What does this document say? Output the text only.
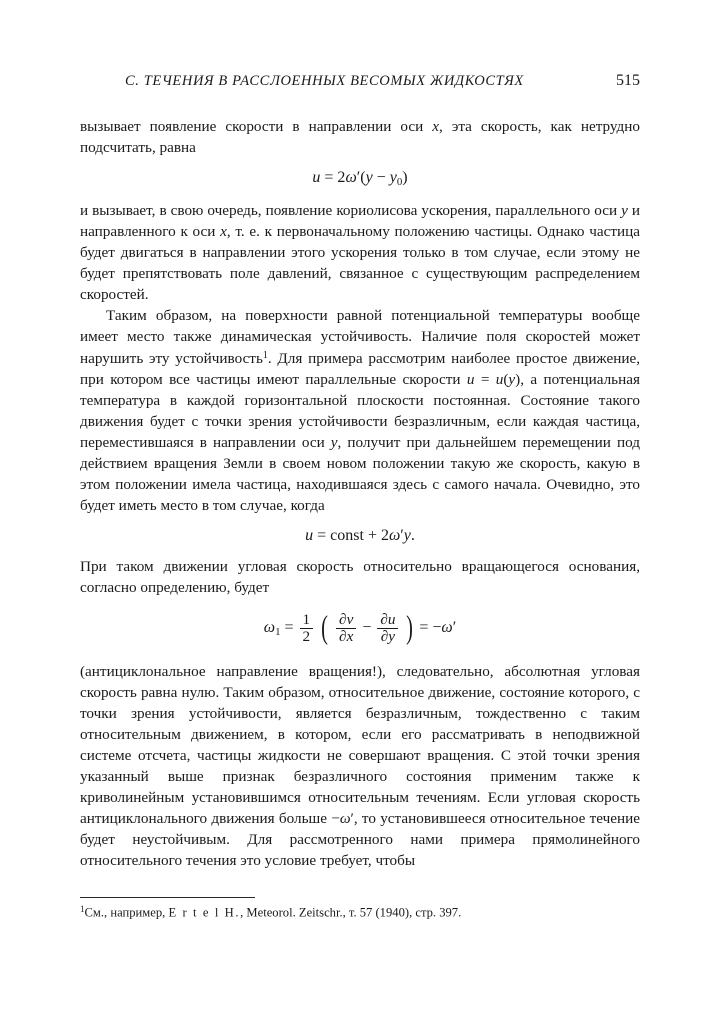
C. ТЕЧЕНИЯ В РАССЛОЕННЫХ ВЕСОМЫХ ЖИДКОСТЯХ	515

вызывает появление скорости в направлении оси x, эта скорость, как нетрудно подсчитать, равна

$u = 2\omega'(y - y_0)$

и вызывает, в свою очередь, появление кориолисова ускорения, параллельного оси y и направленного к оси x, т. е. к первоначальному положению частицы. Однако частица будет двигаться в направлении этого ускорения только в том случае, если этому не будет препятствовать поле давлений, связанное с существующим распределением скоростей.

Таким образом, на поверхности равной потенциальной температуры вообще имеет место также динамическая устойчивость. Наличие поля скоростей может нарушить эту устойчивость$^1$. Для примера рассмотрим наиболее простое движение, при котором все частицы имеют параллельные скорости u = u(y), а потенциальная температура в каждой горизонтальной плоскости постоянная. Состояние такого движения будет с точки зрения устойчивости безразличным, если каждая частица, переместившаяся в направлении оси y, получит при дальнейшем перемещении под действием вращения Земли в своем новом положении такую же скорость, какую в этом положении имела частица, находившаяся здесь с самого начала. Очевидно, это будет иметь место в том случае, когда

u = const + 2ω′y.

При таком движении угловая скорость относительно вращающегося основания, согласно определению, будет

$\omega_1 = \frac{1}{2}$ ( $\frac{\partial v}{\partial x} - \frac{\partial u}{\partial y}$ ) = −ω′

(антициклональное направление вращения!), следовательно, абсолютная угловая скорость равна нулю. Таким образом, относительное движение, состояние которого, с точки зрения устойчивости, является безразличным, тождественно с таким относительным движением, в котором, если его рассматривать в неподвижной системе отсчета, частицы жидкости не совершают вращения. С этой точки зрения указанный выше признак безразличного состояния применим также к криволинейным установившимся относительным течениям. Если угловая скорость антициклонального движения больше −ω′, то установившееся относительное течение будет неустойчивым. Для рассмотренного нами примера прямолинейного относительного течения это условие требует, чтобы

$^1$См., например, E r t e l H., Meteorol. Zeitschr., т. 57 (1940), стр. 397.
